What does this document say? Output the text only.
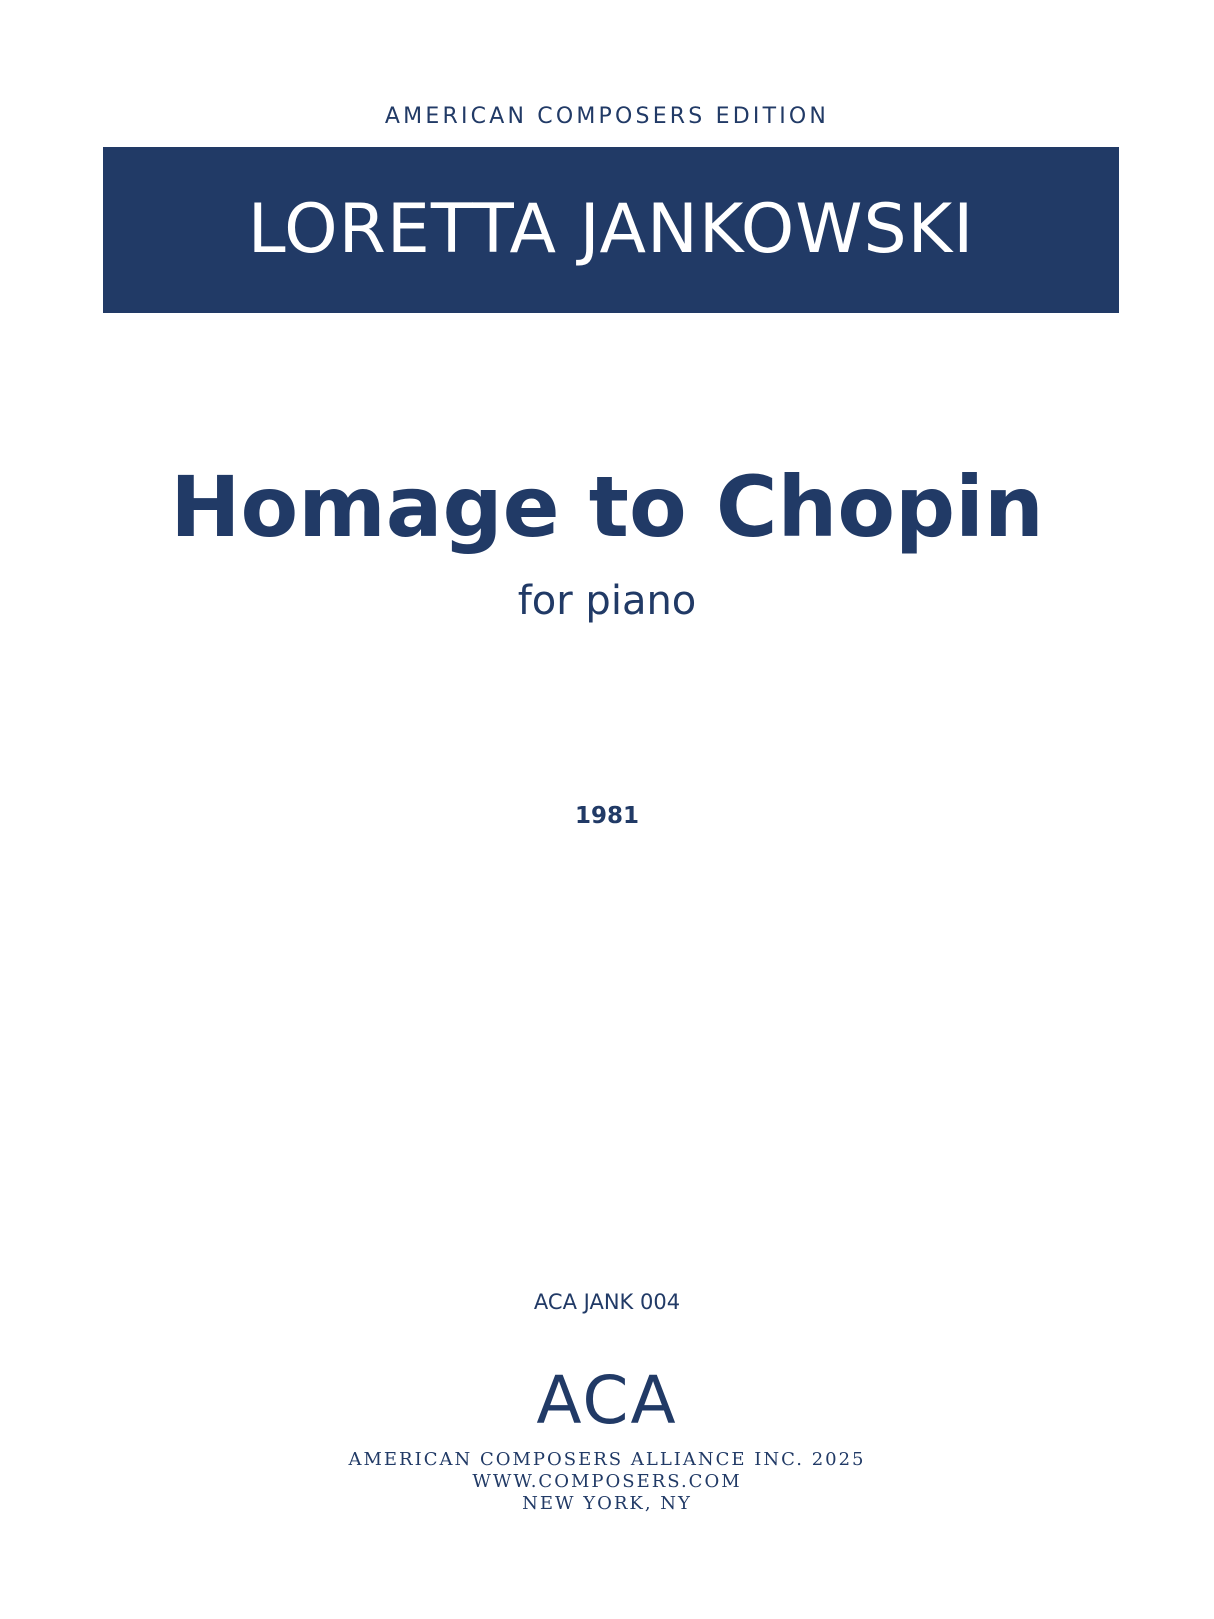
AMERICAN COMPOSERS EDITION
LORETTA JANKOWSKI
Homage to Chopin
for piano
1981
ACA JANK 004
ACA
AMERICAN COMPOSERS ALLIANCE INC. 2025
WWW.COMPOSERS.COM
NEW YORK, NY
